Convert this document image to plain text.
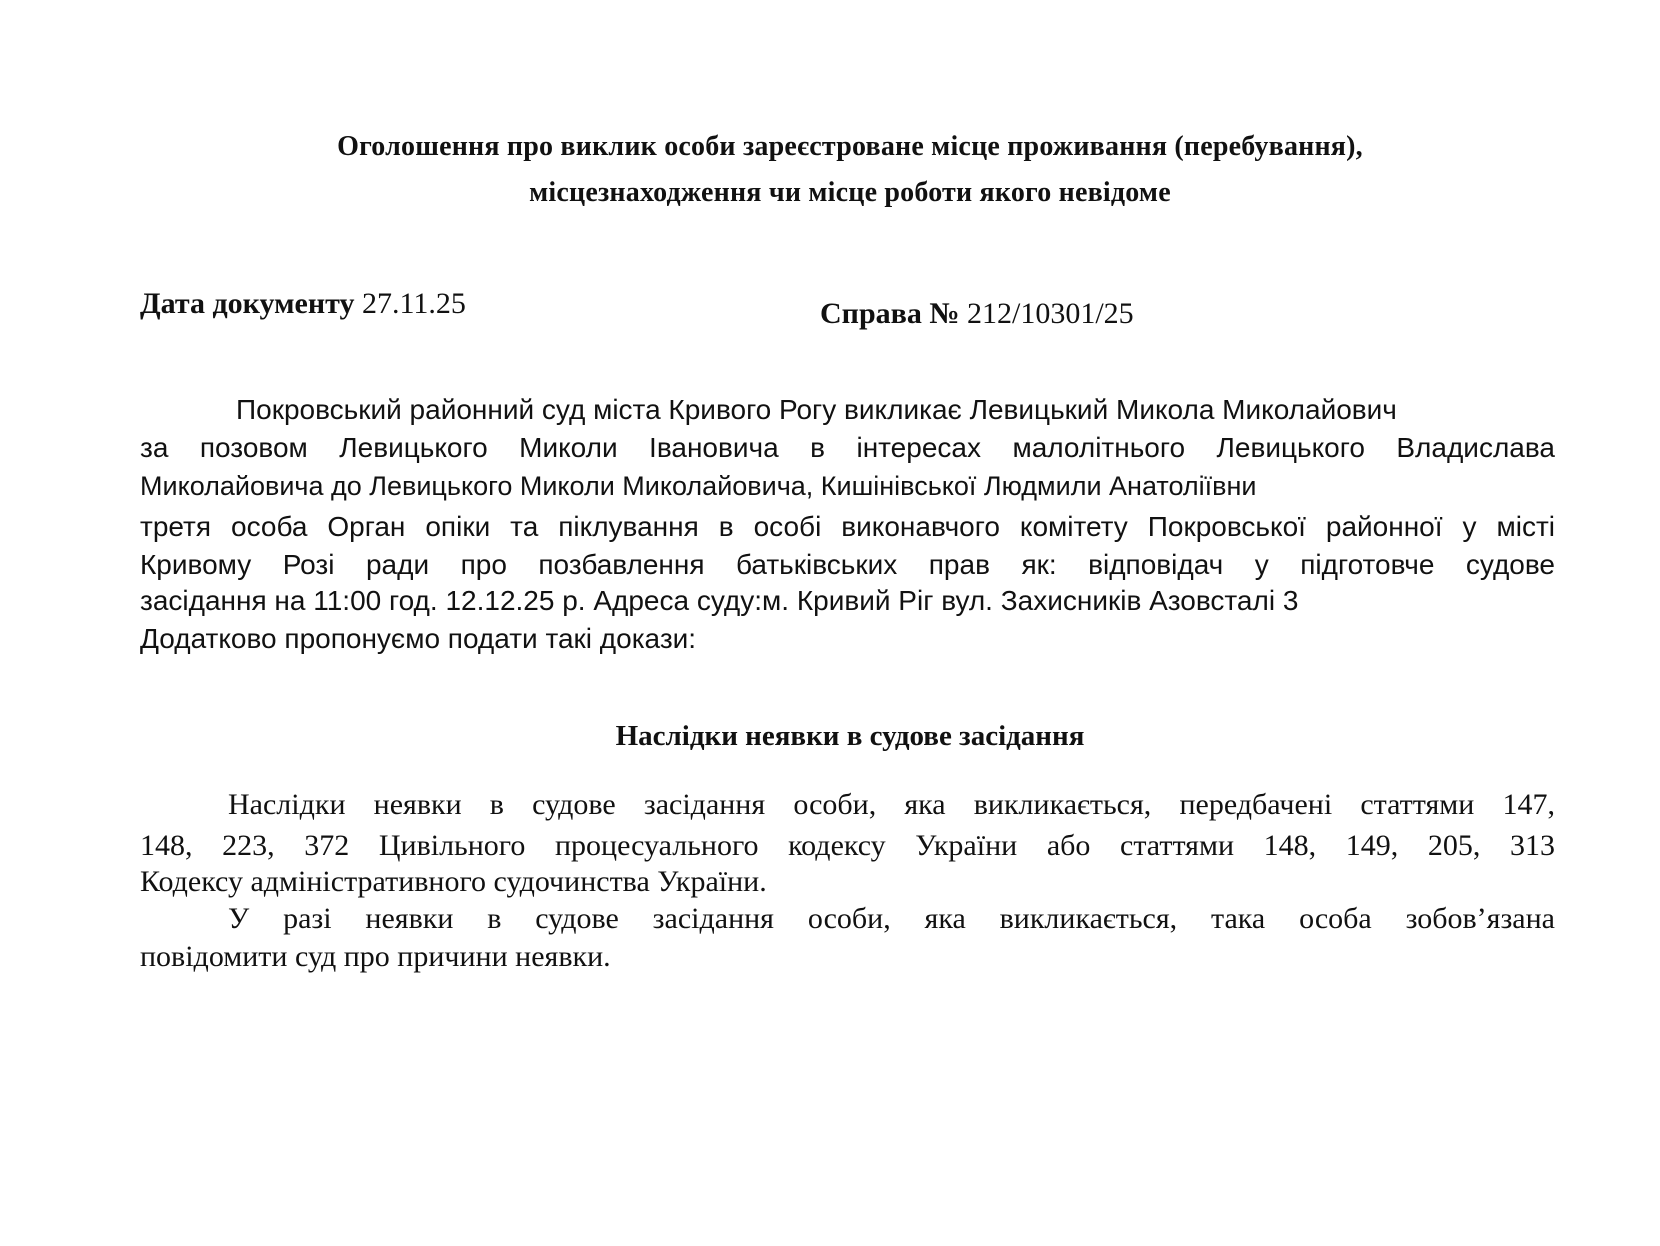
Оголошення про виклик особи зареєстроване місце проживання (перебування),
місцезнаходження чи місце роботи якого невідоме
Дата документу 27.11.25	Справа № 212/10301/25
Покровський районний суд міста Кривого Рогу викликає Левицький Микола Миколайович
за позовом Левицького Миколи Івановича в інтересах малолітнього Левицького Владислава
Миколайовича до Левицького Миколи Миколайовича, Кишінівської Людмили Анатоліївни
третя особа Орган опіки та піклування в особі виконавчого комітету Покровської районної у місті
Кривому Розі ради про позбавлення батьківських прав як: відповідач у підготовче судове
засідання на 11:00 год. 12.12.25 р. Адреса суду:м. Кривий Ріг вул. Захисників Азовсталі 3
Додатково пропонуємо подати такі докази:
Наслідки неявки в судове засідання
Наслідки неявки в судове засідання особи, яка викликається, передбачені статтями 147,
148, 223, 372 Цивільного процесуального кодексу України або статтями 148, 149, 205, 313
Кодексу адміністративного судочинства України.
У разі неявки в судове засідання особи, яка викликається, така особа зобов’язана
повідомити суд про причини неявки.
